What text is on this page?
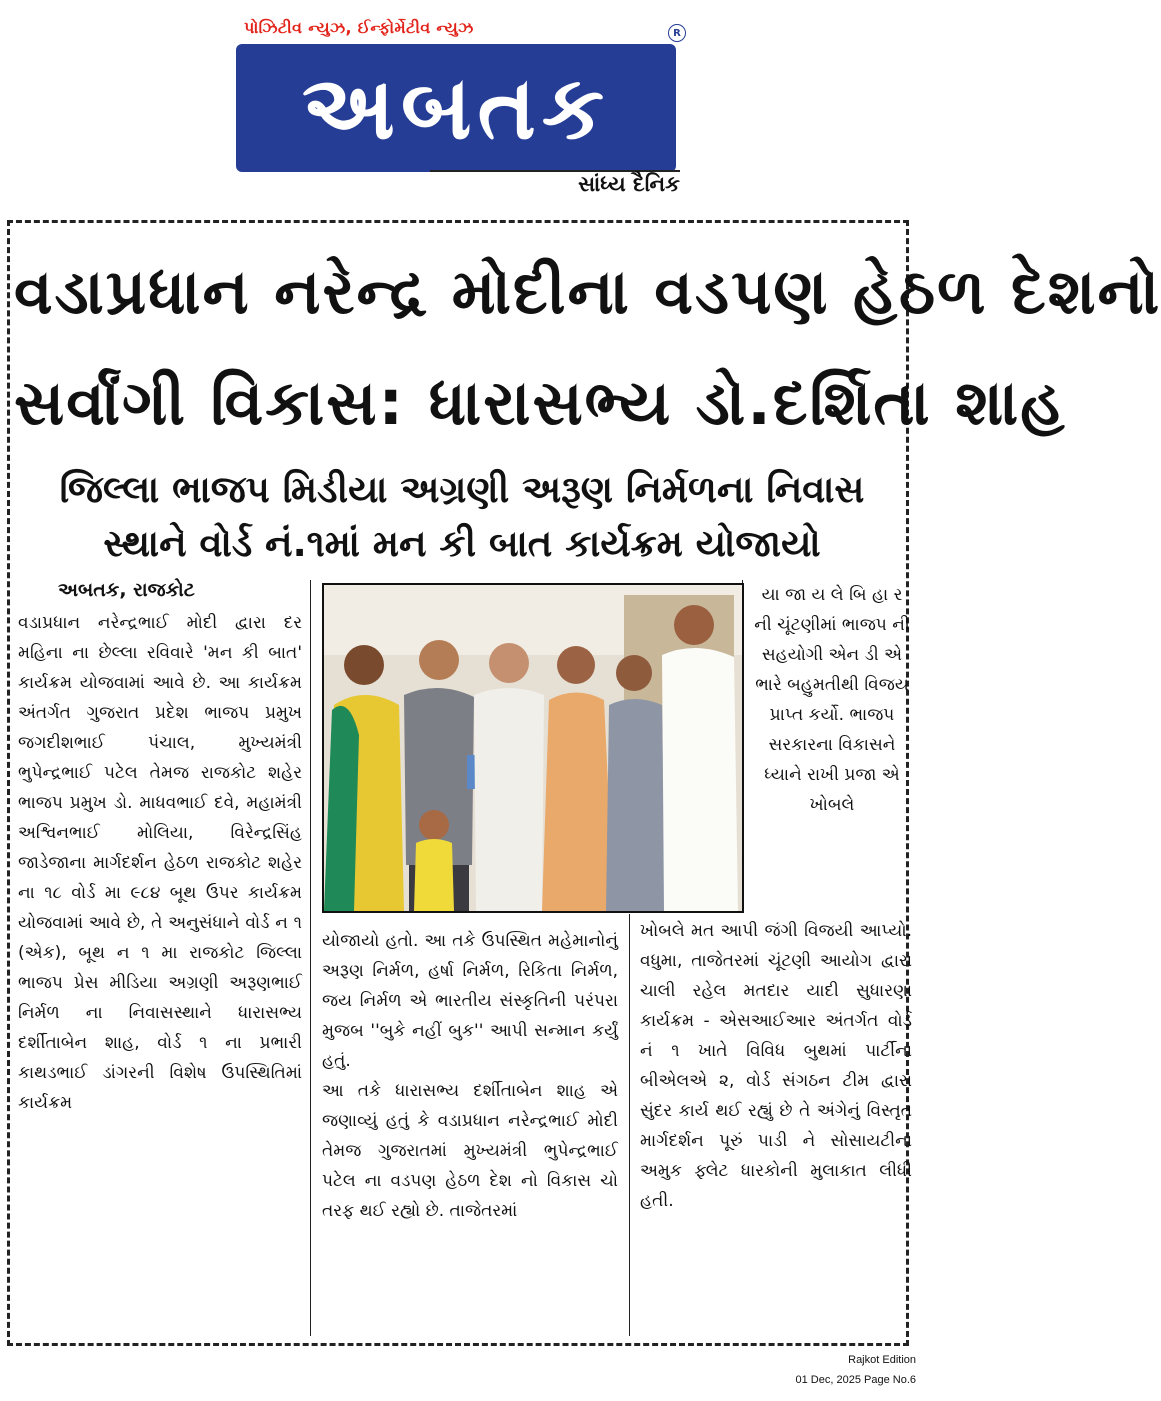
પોઝિટીવ ન્યુઝ, ઈન્ફોર્મેટીવ ન્યુઝ
અબતક
R
સાંધ્ય દૈનિક
વડાપ્રધાન નરેન્દ્ર મોદીના વડપણ હેઠળ દેશનો
સર્વાંગી વિકાસ: ધારાસભ્ય ડો.દર્શિતા શાહ
જિલ્લા ભાજપ મિડીયા અગ્રણી અરૂણ નિર્મળના નિવાસ
સ્થાને વોર્ડ નં.૧માં મન કી બાત કાર્યક્રમ યોજાયો
અબતક, રાજકોટ
વડાપ્રધાન નરેન્દ્રભાઈ મોદી દ્વારા દર મહિના ના છેલ્લા રવિવારે 'મન કી બાત' કાર્યક્રમ યોજવામાં આવે છે. આ કાર્યક્રમ અંતર્ગત ગુજરાત પ્રદેશ ભાજપ પ્રમુખ જગદીશભાઈ પંચાલ, મુખ્યમંત્રી ભુપેન્દ્રભાઈ પટેલ તેમજ રાજકોટ શહેર ભાજપ પ્રમુખ ડો. માધવભાઈ દવે, મહામંત્રી અશ્વિનભાઈ મોલિયા, વિરેન્દ્રસિંહ જાડેજાના માર્ગદર્શન હેઠળ રાજકોટ શહેર ના ૧૮ વોર્ડ મા ૯૮૪ બૂથ ઉપર કાર્યક્રમ યોજવામાં આવે છે, તે અનુસંધાને વોર્ડ ન ૧ (એક), બૂથ ન ૧ મા રાજકોટ જિલ્લા ભાજપ પ્રેસ મીડિયા અગ્રણી અરૂણભાઈ નિર્મળ ના નિવાસસ્થાને ધારાસભ્ય દર્શીતાબેન શાહ, વોર્ડ ૧ ના પ્રભારી કાથડભાઈ ડાંગરની વિશેષ ઉપસ્થિતિમાં કાર્યક્રમ
યોજાયો હતો. આ તકે ઉપસ્થિત મહેમાનોનું અરૂણ નિર્મળ, હર્ષા નિર્મળ, રિકિતા નિર્મળ, જય નિર્મળ એ ભારતીય સંસ્કૃતિની પરંપરા મુજબ ''બુકે નહીં બુક'' આપી સન્માન કર્યું હતું.
આ તકે ધારાસભ્ય દર્શીતાબેન શાહ એ જણાવ્યું હતું કે વડાપ્રધાન નરેન્દ્રભાઈ મોદી તેમજ ગુજરાતમાં મુખ્યમંત્રી ભુપેન્દ્રભાઈ પટેલ ના વડપણ હેઠળ દેશ નો વિકાસ ચો તરફ થઈ રહ્યો છે. તાજેતરમાં
યા જા ય લે બિ હા ર ની ચૂંટણીમાં ભાજપ ની સહયોગી એન ડી એ ભારે બહુમતીથી વિજય પ્રાપ્ત કર્યો. ભાજપ સરકારના વિકાસને ધ્યાને રાખી પ્રજા એ ખોબલે
ખોબલે મત આપી જંગી વિજયી આપ્યો. વધુમા, તાજેતરમાં ચૂંટણી આયોગ દ્વારા ચાલી રહેલ મતદાર યાદી સુધારણા કાર્યક્રમ - એસઆઈઆર અંતર્ગત વોર્ડ નં ૧ ખાતે વિવિધ બુથમાં પાર્ટીના બીએલએ ૨, વોર્ડ સંગઠન ટીમ દ્વારા સુંદર કાર્ય થઈ રહ્યું છે તે અંગેનું વિસ્તૃત માર્ગદર્શન પૂરું પાડી ને સોસાયટીના અમુક ફ્લેટ ધારકોની મુલાકાત લીધી હતી.
Rajkot Edition
01 Dec, 2025 Page No.6
